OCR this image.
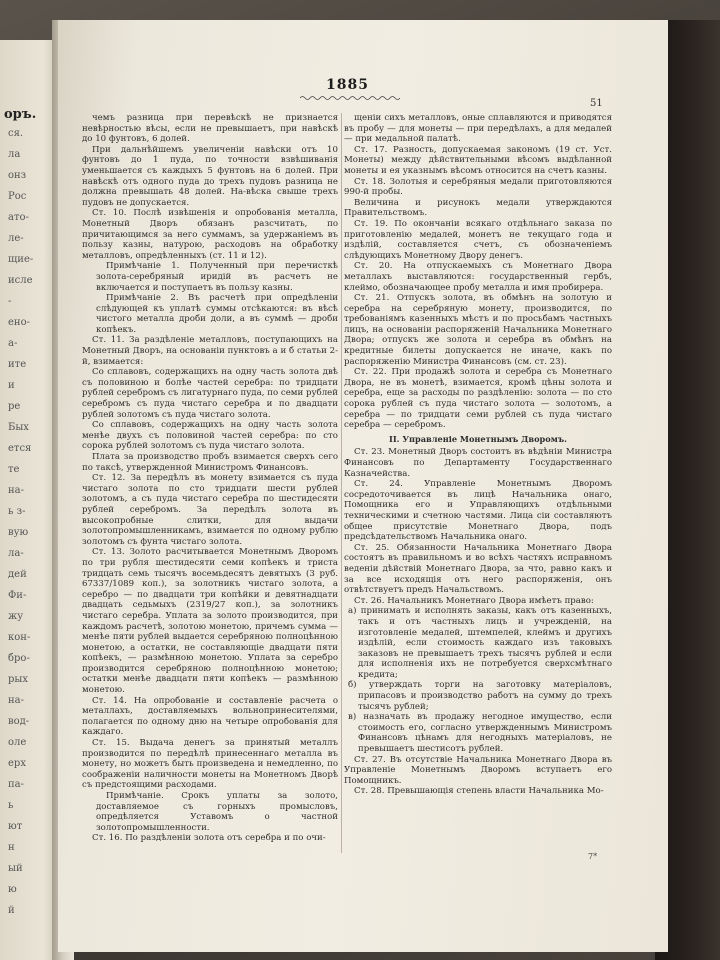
оръ.
ся.
ла
онз
Рос
ато-
ле-
щие-
исле
-
ено-
а-
ите
и
ре
Бых
ется
те
на-
ь з-
вую
ла-
дей
Фи-
жу
кон-
бро-
рых
на-
вод-
оле
ерх
па-
ь
ют
н
ый
ю
й
1885
51

чемъ разница при перевѣскѣ не признается невѣрностью вѣсы, если не превышаетъ, при навѣскѣ до 10 фунтовъ, 6 долей.

При дальнѣйшемъ увеличеніи навѣски отъ 10 фунтовъ до 1 пуда, по точности взвѣшиванія уменьшается съ каждыхъ 5 фунтовъ на 6 долей. При навѣскѣ отъ одного пуда до трехъ пудовъ разница не должна превышать 48 долей. На-вѣска свыше трехъ пудовъ не допускается.

Ст. 10. Послѣ извѣшенія и опробованія металла, Монетный Дворъ обязанъ разсчитать, по причитающимся за него суммамъ, за удержаніемъ въ пользу казны, натурою, расходовъ на обработку металловъ, опредѣленныхъ (ст. 11 и 12).

Примѣчаніе 1. Полученный при перечисткѣ золота-серебряный иридій въ расчетъ не включается и поступаетъ въ пользу казны.

Примѣчаніе 2. Въ расчетѣ при опредѣленіи слѣдующей къ уплатѣ суммы отсѣкаются: въ вѣсѣ чистого металла дроби доли, а въ суммѣ — дроби копѣекъ.

Ст. 11. За раздѣленіе металловъ, поступающихъ на Монетный Дворъ, на основаніи пунктовъ a и б статьи 2-й, взимается:

Со сплавовъ, содержащихъ на одну часть золота двѣ съ половиною и болѣе частей серебра: по тридцати рублей серебромъ съ лигатурнаго пуда, по семи рублей серебромъ съ пуда чистаго серебра и по двадцати рублей золотомъ съ пуда чистаго золота.

Со сплавовъ, содержащихъ на одну часть золота менѣе двухъ съ половиной частей серебра: по сто сорока рублей золотомъ съ пуда чистаго золота.

Плата за производство пробъ взимается сверхъ сего по таксѣ, утвержденной Министромъ Финансовъ.

Ст. 12. За передѣлъ въ монету взимается съ пуда чистаго золота по сто тридцати шести рублей золотомъ, а съ пуда чистаго серебра по шестидесяти рублей серебромъ. За передѣлъ золота въ высокопробные слитки, для выдачи золотопромышленникамъ, взимается по одному рублю золотомъ съ фунта чистаго золота.

Ст. 13. Золото расчитывается Монетнымъ Дворомъ по три рубля шестидесяти семи копѣекъ и триста тридцать семь тысячъ восемьдесятъ девятыхъ (3 руб. 67337/1089 коп.), за золотникъ чистаго золота, а серебро — по двадцати три копѣйки и девятнадцати двадцать седьмыхъ (2319/27 коп.), за золотникъ чистаго серебра. Уплата за золото производится, при каждомъ расчетѣ, золотою монетою, причемъ сумма — менѣе пяти рублей выдается серебряною полноцѣнною монетою, а остатки, не составляющіе двадцати пяти копѣекъ, — размѣнною монетою. Уплата за серебро производится серебряною полноцѣнною монетою; остатки менѣе двадцати пяти копѣекъ — размѣнною монетою.

Ст. 14. На опробованіе и составленіе расчета о металлахъ, доставляемыхъ вольнопринесителями, полагается по одному дню на четыре опробованія для каждаго.

Ст. 15. Выдача денегъ за принятый металлъ производится по передѣлѣ принесеннаго металла въ монету, но можетъ быть произведена и немедленно, по соображеніи наличности монеты на Монетномъ Дворѣ съ предстоящими расходами.

Примѣчаніе. Срокъ уплаты за золото, доставляемое съ горныхъ промысловъ, опредѣляется Уставомъ о частной золотопромышленности.

Ст. 16. По раздѣленіи золота отъ серебра и по очи-

щеніи сихъ металловъ, оные сплавляются и приводятся въ пробу — для монеты — при передѣлахъ, а для медалей — при медальной палатѣ.

Ст. 17. Разность, допускаемая закономъ (19 ст. Уст. Монеты) между дѣйствительными вѣсомъ выдѣланной монеты и ея указнымъ вѣсомъ относится на счетъ казны.

Ст. 18. Золотыя и серебряныя медали приготовляются 990-й пробы.

Величина и рисунокъ медали утверждаются Правительствомъ.

Ст. 19. По окончаніи всякаго отдѣльнаго заказа по приготовленію медалей, монетъ не текущаго года и издѣлій, составляется счетъ, съ обозначеніемъ слѣдующихъ Монетному Двору денегъ.

Ст. 20. На отпускаемыхъ съ Монетнаго Двора металлахъ выставляются: государственный гербъ, клеймо, обозначающее пробу металла и имя пробирера.

Ст. 21. Отпускъ золота, въ обмѣнъ на золотую и серебра на серебряную монету, производится, по требованіямъ казенныхъ мѣстъ и по просьбамъ частныхъ лицъ, на основаніи распоряженій Начальника Монетнаго Двора; отпускъ же золота и серебра въ обмѣнъ на кредитные билеты допускается не иначе, какъ по распоряженію Министра Финансовъ (см. ст. 23).

Ст. 22. При продажѣ золота и серебра съ Монетнаго Двора, не въ монетѣ, взимается, кромѣ цѣны золота и серебра, еще за расходы по раздѣленію: золота — по сто сорока рублей съ пуда чистаго золота — золотомъ, а серебра — по тридцати семи рублей съ пуда чистаго серебра — серебромъ.

II. Управленіе Монетнымъ Дворомъ.

Ст. 23. Монетный Дворъ состоитъ въ вѣдѣніи Министра Финансовъ по Департаменту Государственнаго Казначейства.

Ст. 24. Управленіе Монетнымъ Дворомъ сосредоточивается въ лицѣ Начальника онаго, Помощника его и Управляющихъ отдѣльными техническими и счетною частями. Лица сіи составляютъ общее присутствіе Монетнаго Двора, подъ предсѣдательствомъ Начальника онаго.

Ст. 25. Обязанности Начальника Монетнаго Двора состоятъ въ правильномъ и во всѣхъ частяхъ исправномъ веденіи дѣйствій Монетнаго Двора, за что, равно какъ и за все исходящія отъ него распоряженія, онъ отвѣтствуетъ предъ Начальствомъ.

Ст. 26. Начальникъ Монетнаго Двора имѣетъ право:

а) принимать и исполнять заказы, какъ отъ казенныхъ, такъ и отъ частныхъ лицъ и учрежденій, на изготовленіе медалей, штемпелей, клеймъ и другихъ издѣлій, если стоимость каждаго изъ таковыхъ заказовъ не превышаетъ трехъ тысячъ рублей и если для исполненія ихъ не потребуется сверхсмѣтнаго кредита;

б) утверждать торги на заготовку матеріаловъ, припасовъ и производство работъ на сумму до трехъ тысячъ рублей;

в) назначать въ продажу негодное имущество, если стоимость его, согласно утвержденнымъ Министромъ Финансовъ цѣнамъ для негодныхъ матеріаловъ, не превышаетъ шестисотъ рублей.

Ст. 27. Въ отсутствіе Начальника Монетнаго Двора въ Управленіе Монетнымъ Дворомъ вступаетъ его Помощникъ.

Ст. 28. Превышающія степень власти Начальника Мо-

7*
